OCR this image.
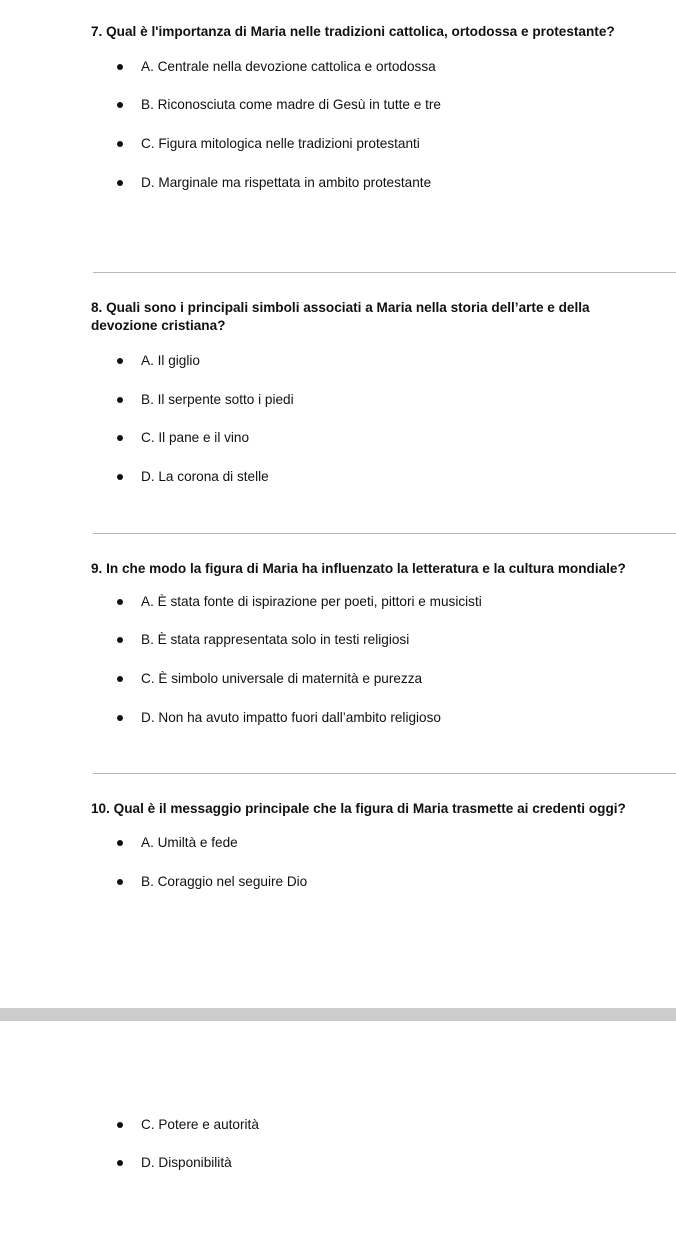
7. Qual è l'importanza di Maria nelle tradizioni cattolica, ortodossa e protestante?
A. Centrale nella devozione cattolica e ortodossa
B. Riconosciuta come madre di Gesù in tutte e tre
C. Figura mitologica nelle tradizioni protestanti
D. Marginale ma rispettata in ambito protestante
8. Quali sono i principali simboli associati a Maria nella storia dell’arte e della devozione cristiana?
A. Il giglio
B. Il serpente sotto i piedi
C. Il pane e il vino
D. La corona di stelle
9. In che modo la figura di Maria ha influenzato la letteratura e la cultura mondiale?
A. È stata fonte di ispirazione per poeti, pittori e musicisti
B. È stata rappresentata solo in testi religiosi
C. È simbolo universale di maternità e purezza
D. Non ha avuto impatto fuori dall’ambito religioso
10. Qual è il messaggio principale che la figura di Maria trasmette ai credenti oggi?
A. Umiltà e fede
B. Coraggio nel seguire Dio
C. Potere e autorità
D. Disponibilità
